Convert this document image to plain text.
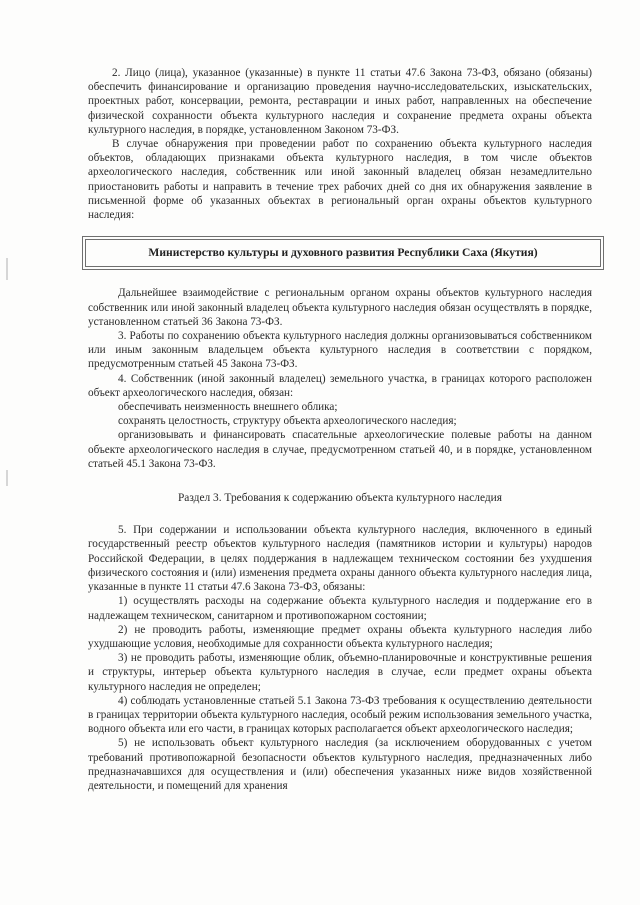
2. Лицо (лица), указанное (указанные) в пункте 11 статьи 47.6 Закона 73-ФЗ, обязано (обязаны) обеспечить финансирование и организацию проведения научно-исследовательских, изыскательских, проектных работ, консервации, ремонта, реставрации и иных работ, направленных на обеспечение физической сохранности объекта культурного наследия и сохранение предмета охраны объекта культурного наследия, в порядке, установленном Законом 73-ФЗ.

В случае обнаружения при проведении работ по сохранению объекта культурного наследия объектов, обладающих признаками объекта культурного наследия, в том числе объектов археологического наследия, собственник или иной законный владелец обязан незамедлительно приостановить работы и направить в течение трех рабочих дней со дня их обнаружения заявление в письменной форме об указанных объектах в региональный орган охраны объектов культурного наследия:

Министерство культуры и духовного развития Республики Саха (Якутия)

Дальнейшее взаимодействие с региональным органом охраны объектов культурного наследия собственник или иной законный владелец объекта культурного наследия обязан осуществлять в порядке, установленном статьей 36 Закона 73-ФЗ.

3. Работы по сохранению объекта культурного наследия должны организовываться собственником или иным законным владельцем объекта культурного наследия в соответствии с порядком, предусмотренным статьей 45 Закона 73-ФЗ.

4. Собственник (иной законный владелец) земельного участка, в границах которого расположен объект археологического наследия, обязан:

обеспечивать неизменность внешнего облика;

сохранять целостность, структуру объекта археологического наследия;

организовывать и финансировать спасательные археологические полевые работы на данном объекте археологического наследия в случае, предусмотренном статьей 40, и в порядке, установленном статьей 45.1 Закона 73-ФЗ.

Раздел 3. Требования к содержанию объекта культурного наследия

5. При содержании и использовании объекта культурного наследия, включенного в единый государственный реестр объектов культурного наследия (памятников истории и культуры) народов Российской Федерации, в целях поддержания в надлежащем техническом состоянии без ухудшения физического состояния и (или) изменения предмета охраны данного объекта культурного наследия лица, указанные в пункте 11 статьи 47.6 Закона 73-ФЗ, обязаны:

1) осуществлять расходы на содержание объекта культурного наследия и поддержание его в надлежащем техническом, санитарном и противопожарном состоянии;

2) не проводить работы, изменяющие предмет охраны объекта культурного наследия либо ухудшающие условия, необходимые для сохранности объекта культурного наследия;

3) не проводить работы, изменяющие облик, объемно-планировочные и конструктивные решения и структуры, интерьер объекта культурного наследия в случае, если предмет охраны объекта культурного наследия не определен;

4) соблюдать установленные статьей 5.1 Закона 73-ФЗ требования к осуществлению деятельности в границах территории объекта культурного наследия, особый режим использования земельного участка, водного объекта или его части, в границах которых располагается объект археологического наследия;

5) не использовать объект культурного наследия (за исключением оборудованных с учетом требований противопожарной безопасности объектов культурного наследия, предназначенных либо предназначавшихся для осуществления и (или) обеспечения указанных ниже видов хозяйственной деятельности, и помещений для хранения
